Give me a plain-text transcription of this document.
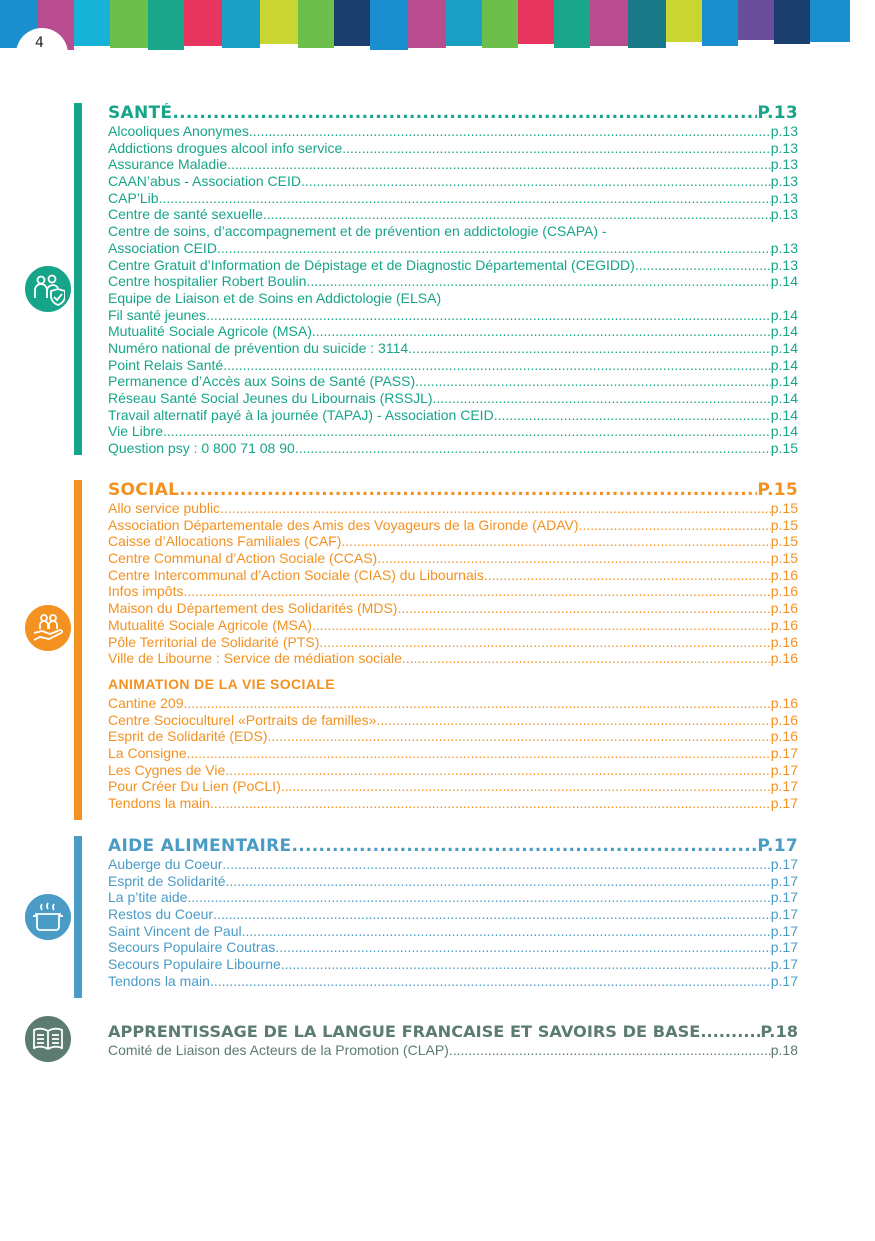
4
SANTÉ .....	P.13
Alcooliques Anonymes .....	p.13
Addictions drogues alcool info service .....	p.13
Assurance Maladie .....	p.13
CAAN’abus - Association CEID .....	p.13
CAP’Lib .....	p.13
Centre de santé sexuelle .....	p.13
Centre de soins, d’accompagnement et de prévention en addictologie (CSAPA) -
Association CEID .....	p.13
Centre Gratuit d’Information de Dépistage et de Diagnostic Départemental (CEGIDD) .....	p.13
Centre hospitalier Robert Boulin .....	p.14
Equipe de Liaison et de Soins en Addictologie (ELSA)
Fil santé jeunes .....	p.14
Mutualité Sociale Agricole (MSA) .....	p.14
Numéro national de prévention du suicide : 3114 .....	p.14
Point Relais Santé .....	p.14
Permanence d’Accès aux Soins de Santé (PASS) .....	p.14
Réseau Santé Social Jeunes du Libournais (RSSJL) .....	p.14
Travail alternatif payé à la journée (TAPAJ) - Association CEID .....	p.14
Vie Libre .....	p.14
Question psy : 0 800 71 08 90 .....	p.15
SOCIAL .....	P.15
Allo service public .....	p.15
Association Départementale des Amis des Voyageurs de la Gironde (ADAV) .....	p.15
Caisse d’Allocations Familiales (CAF) .....	p.15
Centre Communal d’Action Sociale (CCAS) .....	p.15
Centre Intercommunal d’Action Sociale (CIAS) du Libournais .....	p.16
Infos impôts .....	p.16
Maison du Département des Solidarités (MDS) .....	p.16
Mutualité Sociale Agricole (MSA) .....	p.16
Pôle Territorial de Solidarité (PTS) .....	p.16
Ville de Libourne : Service de médiation sociale .....	p.16
ANIMATION DE LA VIE SOCIALE
Cantine 209 .....	p.16
Centre Socioculturel «Portraits de familles» .....	p.16
Esprit de Solidarité (EDS) .....	p.16
La Consigne .....	p.17
Les Cygnes de Vie .....	p.17
Pour Créer Du Lien (PoCLI) .....	p.17
Tendons la main .....	p.17
AIDE ALIMENTAIRE .....	P.17
Auberge du Coeur .....	p.17
Esprit de Solidarité .....	p.17
La p’tite aide .....	p.17
Restos du Coeur .....	p.17
Saint Vincent de Paul .....	p.17
Secours Populaire Coutras .....	p.17
Secours Populaire Libourne .....	p.17
Tendons la main .....	p.17
APPRENTISSAGE DE LA LANGUE FRANCAISE ET SAVOIRS DE BASE .....	P.18
Comité de Liaison des Acteurs de la Promotion (CLAP) .....	p.18
